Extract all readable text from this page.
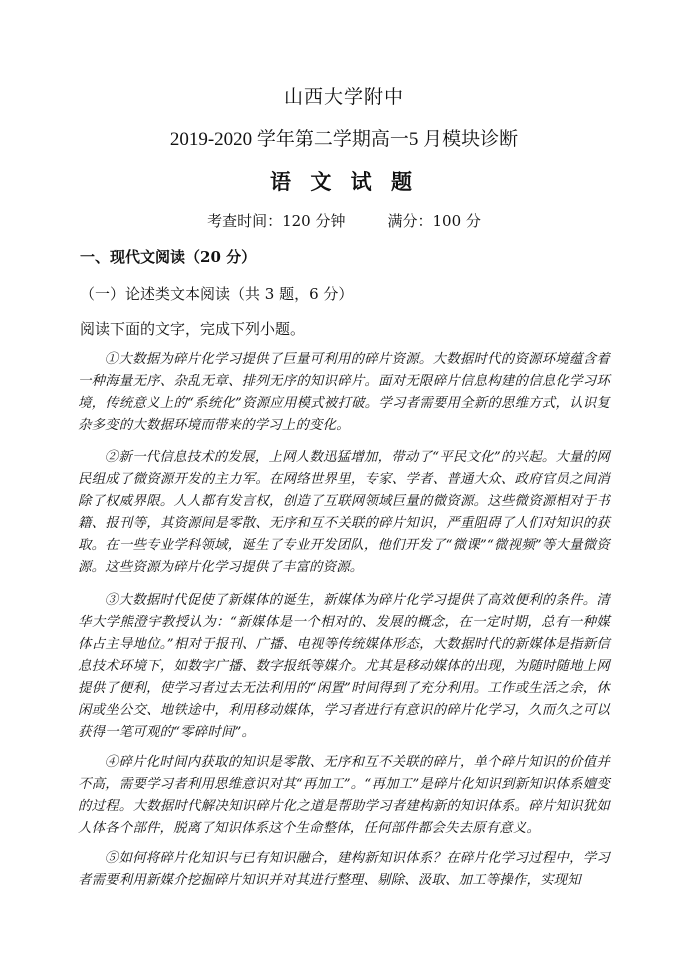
山西大学附中
2019-2020 学年第二学期高一5 月模块诊断
语 文 试 题
考查时间：120 分钟	满分：100 分
一、现代文阅读（20 分）
（一）论述类文本阅读（共 3 题，6 分）
阅读下面的文字，完成下列小题。
①大数据为碎片化学习提供了巨量可利用的碎片资源。大数据时代的资源环境蕴含着一种海量无序、杂乱无章、排列无序的知识碎片。面对无限碎片信息构建的信息化学习环境，传统意义上的“系统化”资源应用模式被打破。学习者需要用全新的思维方式，认识复杂多变的大数据环境而带来的学习上的变化。
②新一代信息技术的发展，上网人数迅猛增加，带动了“平民文化”的兴起。大量的网民组成了微资源开发的主力军。在网络世界里，专家、学者、普通大众、政府官员之间消除了权威界限。人人都有发言权，创造了互联网领域巨量的微资源。这些微资源相对于书籍、报刊等，其资源间是零散、无序和互不关联的碎片知识，严重阻碍了人们对知识的获取。在一些专业学科领域，诞生了专业开发团队，他们开发了“微课”“微视频”等大量微资源。这些资源为碎片化学习提供了丰富的资源。
③大数据时代促使了新媒体的诞生，新媒体为碎片化学习提供了高效便利的条件。清华大学熊澄宇教授认为：“新媒体是一个相对的、发展的概念，在一定时期，总有一种媒体占主导地位。”相对于报刊、广播、电视等传统媒体形态，大数据时代的新媒体是指新信息技术环境下，如数字广播、数字报纸等媒介。尤其是移动媒体的出现，为随时随地上网提供了便利，使学习者过去无法利用的“闲置”时间得到了充分利用。工作或生活之余，休闲或坐公交、地铁途中，利用移动媒体，学习者进行有意识的碎片化学习，久而久之可以获得一笔可观的“零碎时间”。
④碎片化时间内获取的知识是零散、无序和互不关联的碎片，单个碎片知识的价值并不高，需要学习者利用思维意识对其“再加工”。“再加工”是碎片化知识到新知识体系嬗变的过程。大数据时代解决知识碎片化之道是帮助学习者建构新的知识体系。碎片知识犹如人体各个部件，脱离了知识体系这个生命整体，任何部件都会失去原有意义。
⑤如何将碎片化知识与已有知识融合，建构新知识体系？在碎片化学习过程中，学习者需要利用新媒介挖掘碎片知识并对其进行整理、剔除、汲取、加工等操作，实现知
